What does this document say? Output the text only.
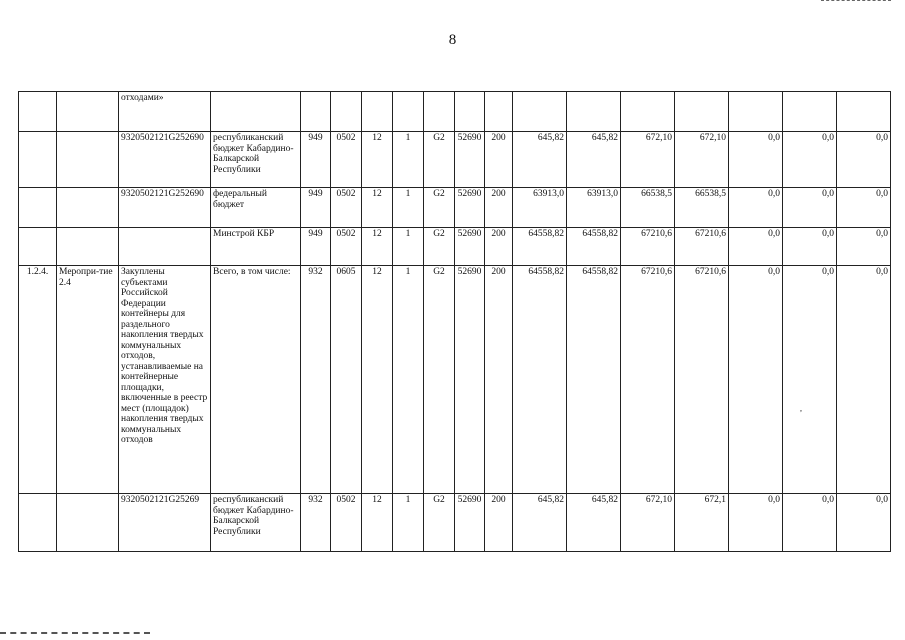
8
		отходами»															
		9320502121G252690	республиканский бюджет Кабардино-Балкарской Республики	949	0502	12	1	G2	52690	200	645,82	645,82	672,10	672,10	0,0	0,0	0,0
		9320502121G252690	федеральный бюджет	949	0502	12	1	G2	52690	200	63913,0	63913,0	66538,5	66538,5	0,0	0,0	0,0
			Минстрой КБР	949	0502	12	1	G2	52690	200	64558,82	64558,82	67210,6	67210,6	0,0	0,0	0,0
1.2.4.	Меропри-тие 2.4	Закуплены субъектами Российской Федерации контейнеры для раздельного накопления твердых коммунальных отходов, устанавливаемые на контейнерные площадки, включенные в реестр мест (площадок) накопления твердых коммунальных отходов	Всего, в том числе:	932	0605	12	1	G2	52690	200	64558,82	64558,82	67210,6	67210,6	0,0	0,0	0,0
		9320502121G25269	республиканский бюджет Кабардино-Балкарской Республики	932	0502	12	1	G2	52690	200	645,82	645,82	672,10	672,1	0,0	0,0	0,0
,
